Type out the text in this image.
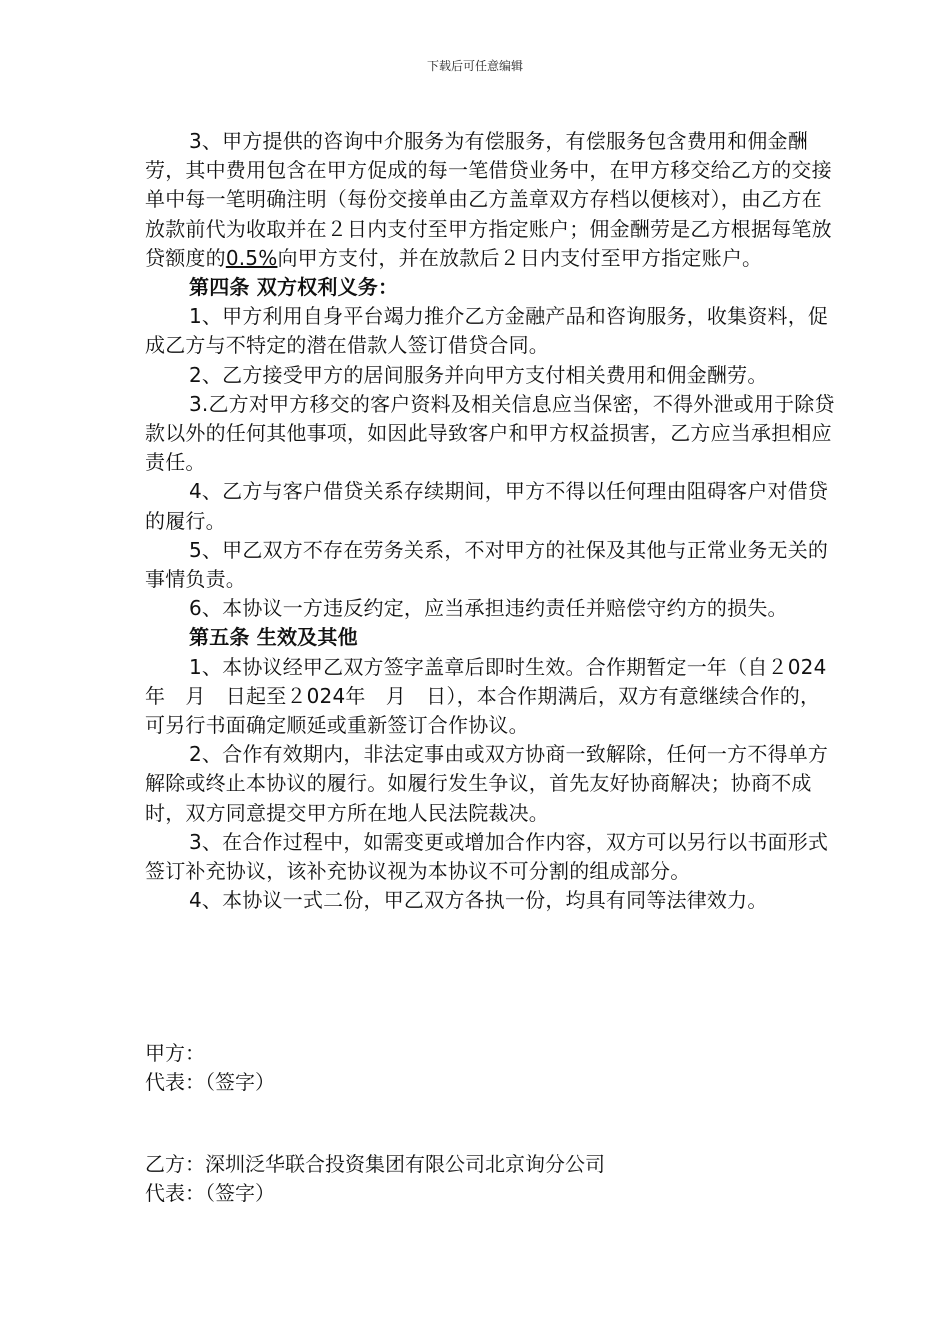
下载后可任意编辑

3、甲方提供的咨询中介服务为有偿服务，有偿服务包含费用和佣金酬劳，其中费用包含在甲方促成的每一笔借贷业务中，在甲方移交给乙方的交接单中每一笔明确注明（每份交接单由乙方盖章双方存档以便核对），由乙方在放款前代为收取并在２日内支付至甲方指定账户；佣金酬劳是乙方根据每笔放贷额度的0.5%向甲方支付，并在放款后２日内支付至甲方指定账户。

第四条 双方权利义务：

1、甲方利用自身平台竭力推介乙方金融产品和咨询服务，收集资料，促成乙方与不特定的潜在借款人签订借贷合同。

2、乙方接受甲方的居间服务并向甲方支付相关费用和佣金酬劳。

3.乙方对甲方移交的客户资料及相关信息应当保密，不得外泄或用于除贷款以外的任何其他事项，如因此导致客户和甲方权益损害，乙方应当承担相应责任。

4、乙方与客户借贷关系存续期间，甲方不得以任何理由阻碍客户对借贷的履行。

5、甲乙双方不存在劳务关系，不对甲方的社保及其他与正常业务无关的事情负责。

6、本协议一方违反约定，应当承担违约责任并赔偿守约方的损失。

第五条 生效及其他

1、本协议经甲乙双方签字盖章后即时生效。合作期暂定一年（自２024年　月　日起至２024年　月　日），本合作期满后，双方有意继续合作的，可另行书面确定顺延或重新签订合作协议。

2、合作有效期内，非法定事由或双方协商一致解除，任何一方不得单方解除或终止本协议的履行。如履行发生争议，首先友好协商解决；协商不成时，双方同意提交甲方所在地人民法院裁决。

3、在合作过程中，如需变更或增加合作内容，双方可以另行以书面形式签订补充协议，该补充协议视为本协议不可分割的组成部分。

4、本协议一式二份，甲乙双方各执一份，均具有同等法律效力。

甲方：

代表：（签字）

乙方：深圳泛华联合投资集团有限公司北京询分公司

代表：（签字）
